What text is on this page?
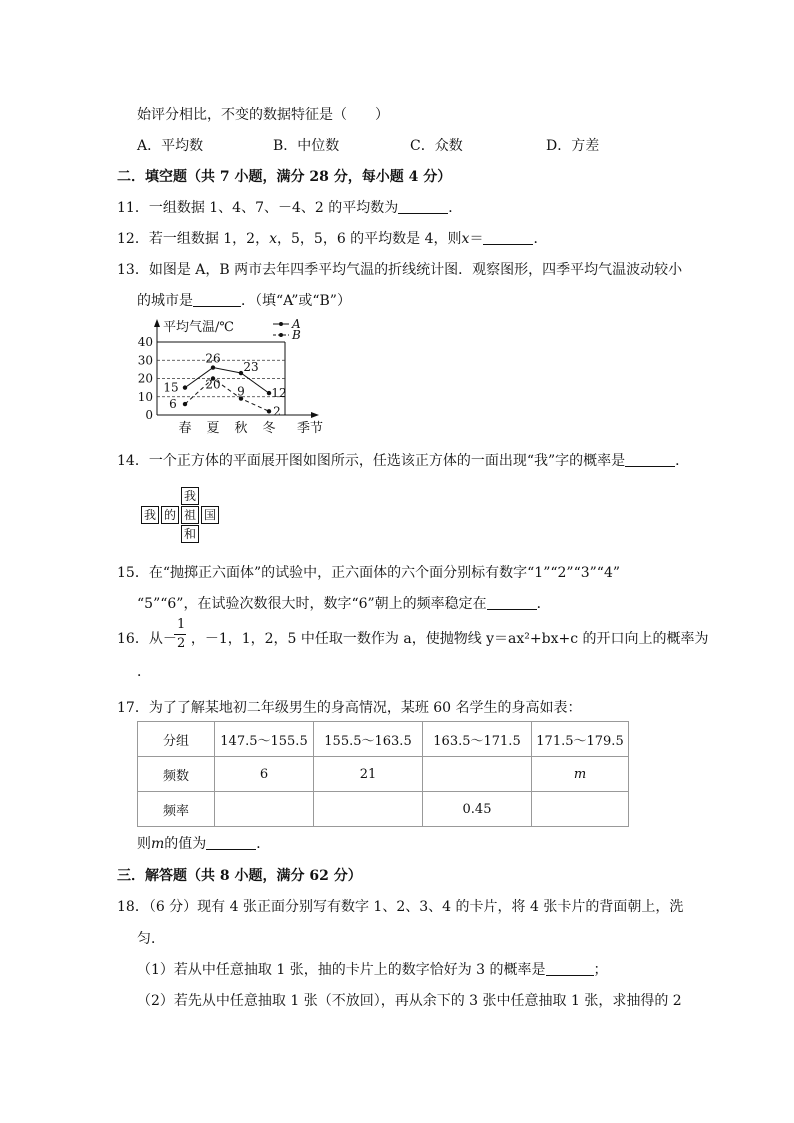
始评分相比，不变的数据特征是（　　）
A．平均数	B．中位数	C．众数	D．方差
二．填空题（共 7 小题，满分 28 分，每小题 4 分）
11．一组数据 1、4、7、－4、2 的平均数为	．
12．若一组数据 1，2，x，5，5，6 的平均数是 4，则x＝	．
13．如图是 A，B 两市去年四季平均气温的折线统计图．观察图形，四季平均气温波动较小
的城市是	．（填“A”或“B”）
0
10
20
30
40
平均气温/℃
春 夏 秋 冬 季节
15
26
23
12
A
6
20
9
2
B
14．一个正方体的平面展开图如图所示，任选该正方体的一面出现“我”字的概率是	．
我
我 的 祖 国
和
15．在“抛掷正六面体”的试验中，正六面体的六个面分别标有数字“1”“2”“3”“4”
“5”“6”，在试验次数很大时，数字“6”朝上的频率稳定在	．
16．从－ ，－1，1，2，5 中任取一数作为 a，使抛物线 y＝ax²+bx+c 的开口向上的概率为
1
2
．
17．为了了解某地初二年级男生的身高情况，某班 60 名学生的身高如表：
分组	147.5～155.5	155.5～163.5	163.5～171.5	171.5～179.5
频数	6	21		m
频率			0.45	
则m的值为	．
三．解答题（共 8 小题，满分 62 分）
18．（6 分）现有 4 张正面分别写有数字 1、2、3、4 的卡片，将 4 张卡片的背面朝上，洗
匀．
（1）若从中任意抽取 1 张，抽的卡片上的数字恰好为 3 的概率是	；
（2）若先从中任意抽取 1 张（不放回），再从余下的 3 张中任意抽取 1 张，求抽得的 2
